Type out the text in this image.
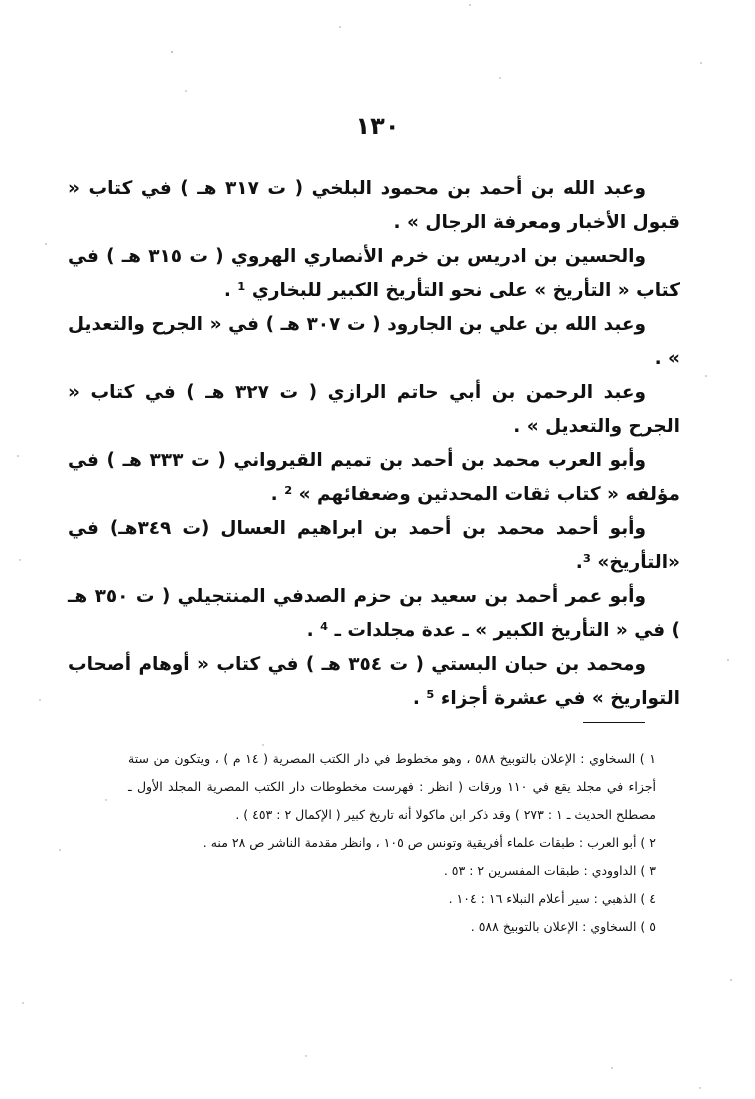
١٣٠

وعبد الله بن أحمد بن محمود البلخي ( ت ٣١٧ هـ ) في كتاب « قبول الأخبار ومعرفة الرجال » .

والحسين بن ادريس بن خرم الأنصاري الهروي ( ت ٣١٥ هـ ) في كتاب « التأريخ » على نحو التأريخ الكبير للبخاري ¹ .

وعبد الله بن علي بن الجارود ( ت ٣٠٧ هـ ) في « الجرح والتعديل » .

وعبد الرحمن بن أبي حاتم الرازي ( ت ٣٢٧ هـ ) في كتاب « الجرح والتعديل » .

وأبو العرب محمد بن أحمد بن تميم القيرواني ( ت ٣٣٣ هـ ) في مؤلفه « كتاب ثقات المحدثين وضعفائهم » ² .

وأبو أحمد محمد بن أحمد بن ابراهيم العسال (ت ٣٤٩هـ) في «التأريخ» ³.

وأبو عمر أحمد بن سعيد بن حزم الصدفي المنتجيلي ( ت ٣٥٠ هـ ) في « التأريخ الكبير » ـ عدة مجلدات ـ ⁴ .

ومحمد بن حبان البستي ( ت ٣٥٤ هـ ) في كتاب « أوهام أصحاب التواريخ » في عشرة أجزاء ⁵ .

١ ) السخاوي : الإعلان بالتوبيخ ٥٨٨ ، وهو مخطوط في دار الكتب المصرية ( ١٤ م ) ، ويتكون من ستة أجزاء في مجلد يقع في ١١٠ ورقات ( انظر : فهرست مخطوطات دار الكتب المصرية المجلد الأول ـ مصطلح الحديث ـ ١ : ٢٧٣ ) وقد ذكر ابن ماكولا أنه تاريخ كبير ( الإكمال ٢ : ٤٥٣ ) .

٢ ) أبو العرب : طبقات علماء أفريقية وتونس ص ١٠٥ ، وانظر مقدمة الناشر ص ٢٨ منه .

٣ ) الداوودي : طبقات المفسرين ٢ : ٥٣ .

٤ ) الذهبي : سير أعلام النبلاء ١٦ : ١٠٤ .

٥ ) السخاوي : الإعلان بالتوبيخ ٥٨٨ .
